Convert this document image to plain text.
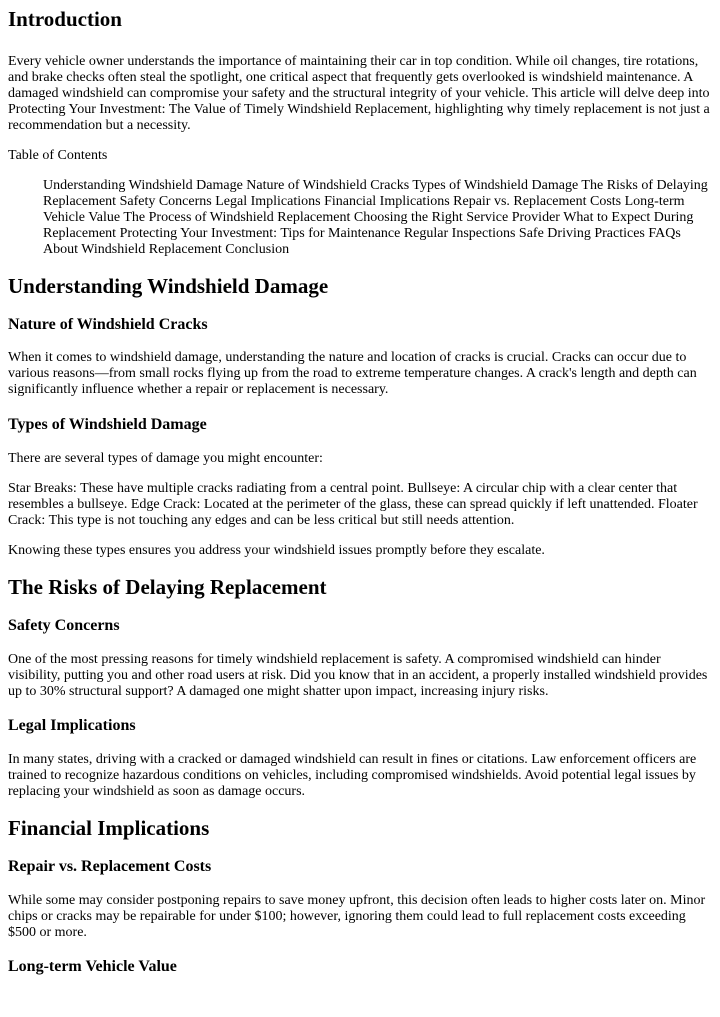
Introduction

Every vehicle owner understands the importance of maintaining their car in top condition. While oil changes, tire rotations, and brake checks often steal the spotlight, one critical aspect that frequently gets overlooked is windshield maintenance. A damaged windshield can compromise your safety and the structural integrity of your vehicle. This article will delve deep into Protecting Your Investment: The Value of Timely Windshield Replacement, highlighting why timely replacement is not just a recommendation but a necessity.

Table of Contents

Understanding Windshield Damage Nature of Windshield Cracks Types of Windshield Damage The Risks of Delaying Replacement Safety Concerns Legal Implications Financial Implications Repair vs. Replacement Costs Long-term Vehicle Value The Process of Windshield Replacement Choosing the Right Service Provider What to Expect During Replacement Protecting Your Investment: Tips for Maintenance Regular Inspections Safe Driving Practices FAQs About Windshield Replacement Conclusion

Understanding Windshield Damage
Nature of Windshield Cracks

When it comes to windshield damage, understanding the nature and location of cracks is crucial. Cracks can occur due to various reasons—from small rocks flying up from the road to extreme temperature changes. A crack's length and depth can significantly influence whether a repair or replacement is necessary.

Types of Windshield Damage

There are several types of damage you might encounter:

Star Breaks: These have multiple cracks radiating from a central point. Bullseye: A circular chip with a clear center that resembles a bullseye. Edge Crack: Located at the perimeter of the glass, these can spread quickly if left unattended. Floater Crack: This type is not touching any edges and can be less critical but still needs attention.

Knowing these types ensures you address your windshield issues promptly before they escalate.

The Risks of Delaying Replacement
Safety Concerns

One of the most pressing reasons for timely windshield replacement is safety. A compromised windshield can hinder visibility, putting you and other road users at risk. Did you know that in an accident, a properly installed windshield provides up to 30% structural support? A damaged one might shatter upon impact, increasing injury risks.

Legal Implications

In many states, driving with a cracked or damaged windshield can result in fines or citations. Law enforcement officers are trained to recognize hazardous conditions on vehicles, including compromised windshields. Avoid potential legal issues by replacing your windshield as soon as damage occurs.

Financial Implications
Repair vs. Replacement Costs

While some may consider postponing repairs to save money upfront, this decision often leads to higher costs later on. Minor chips or cracks may be repairable for under $100; however, ignoring them could lead to full replacement costs exceeding $500 or more.

Long-term Vehicle Value
